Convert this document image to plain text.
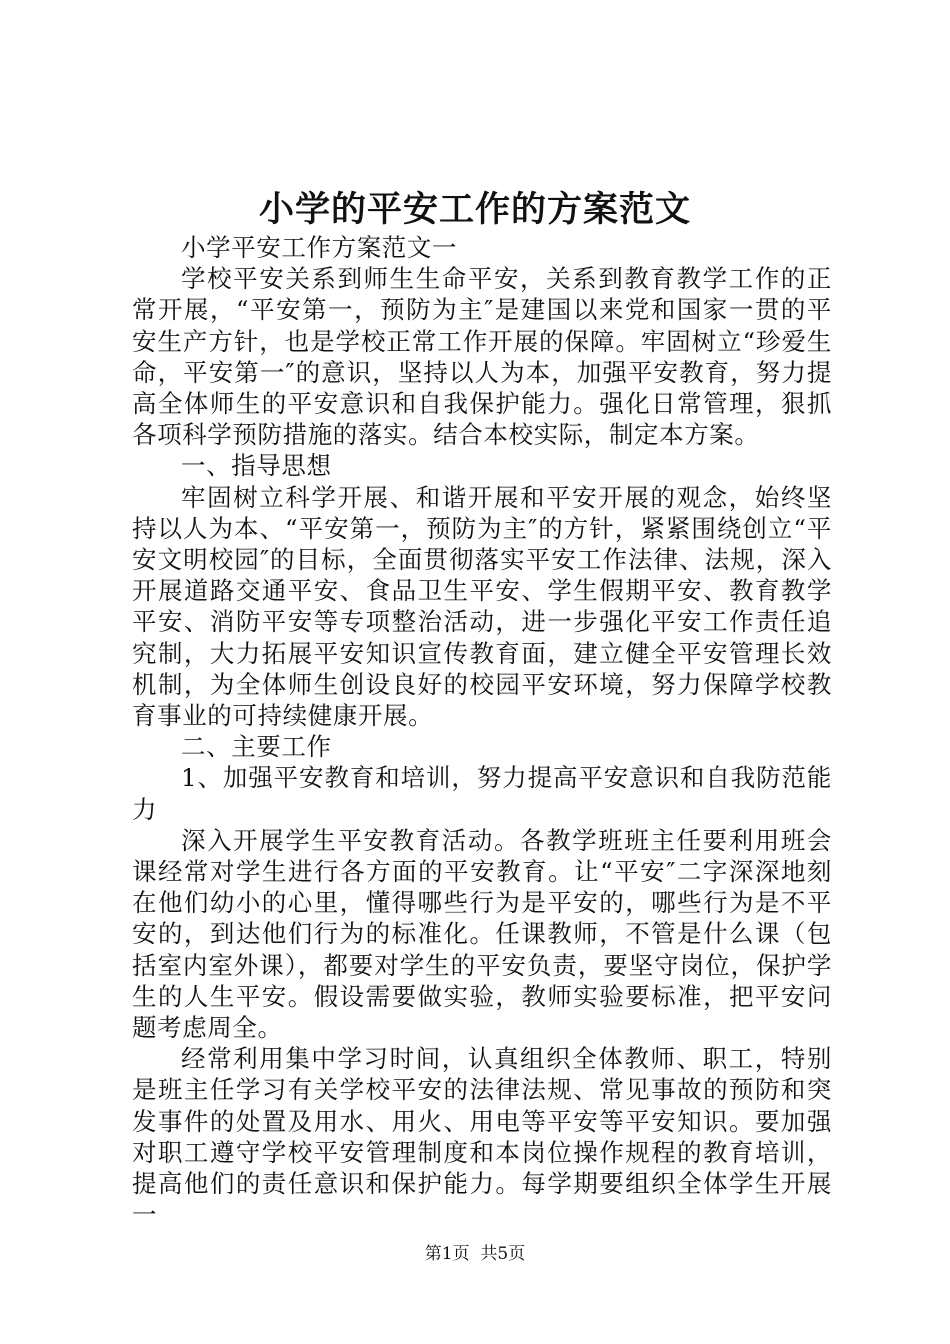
小学的平安工作的方案范文

小学平安工作方案范文一

学校平安关系到师生生命平安，关系到教育教学工作的正常开展，“平安第一，预防为主″是建国以来党和国家一贯的平安生产方针，也是学校正常工作开展的保障。牢固树立“珍爱生命，平安第一″的意识，坚持以人为本，加强平安教育，努力提高全体师生的平安意识和自我保护能力。强化日常管理，狠抓各项科学预防措施的落实。结合本校实际，制定本方案。

一、指导思想

牢固树立科学开展、和谐开展和平安开展的观念，始终坚持以人为本、“平安第一，预防为主″的方针，紧紧围绕创立“平安文明校园″的目标，全面贯彻落实平安工作法律、法规，深入开展道路交通平安、食品卫生平安、学生假期平安、教育教学平安、消防平安等专项整治活动，进一步强化平安工作责任追究制，大力拓展平安知识宣传教育面，建立健全平安管理长效机制，为全体师生创设良好的校园平安环境，努力保障学校教育事业的可持续健康开展。

二、主要工作

1、加强平安教育和培训，努力提高平安意识和自我防范能力

深入开展学生平安教育活动。各教学班班主任要利用班会课经常对学生进行各方面的平安教育。让“平安″二字深深地刻在他们幼小的心里，懂得哪些行为是平安的，哪些行为是不平安的，到达他们行为的标准化。任课教师，不管是什么课（包括室内室外课），都要对学生的平安负责，要坚守岗位，保护学生的人生平安。假设需要做实验，教师实验要标准，把平安问题考虑周全。

经常利用集中学习时间，认真组织全体教师、职工，特别是班主任学习有关学校平安的法律法规、常见事故的预防和突发事件的处置及用水、用火、用电等平安等平安知识。要加强对职工遵守学校平安管理制度和本岗位操作规程的教育培训，提高他们的责任意识和保护能力。每学期要组织全体学生开展一

第1页 共5页
